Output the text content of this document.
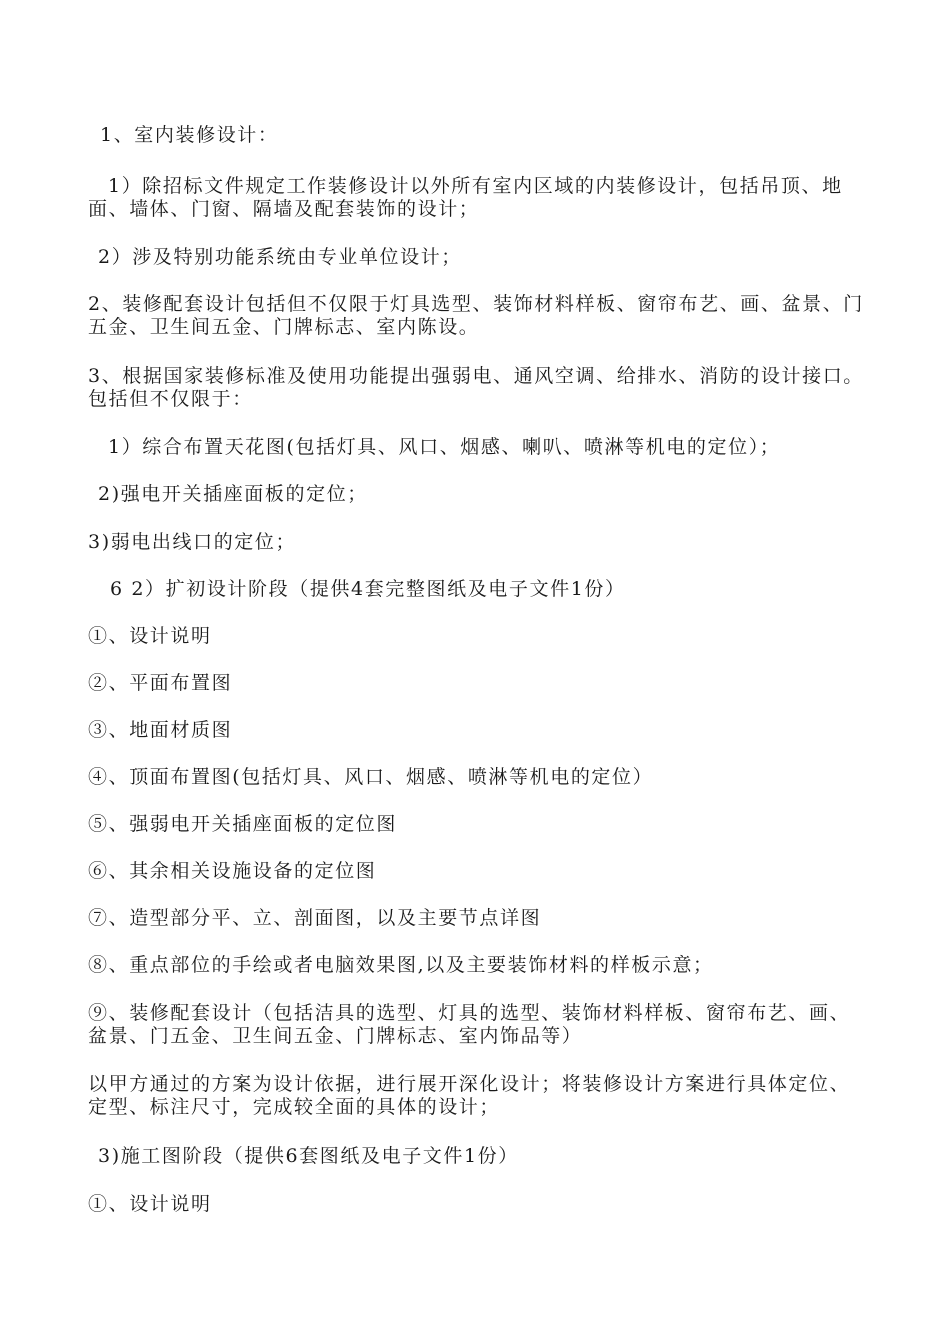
1、室内装修设计：
1）除招标文件规定工作装修设计以外所有室内区域的内装修设计，包括吊顶、地面、墙体、门窗、隔墙及配套装饰的设计；
2）涉及特别功能系统由专业单位设计；
2、装修配套设计包括但不仅限于灯具选型、装饰材料样板、窗帘布艺、画、盆景、门五金、卫生间五金、门牌标志、室内陈设。
3、根据国家装修标准及使用功能提出强弱电、通风空调、给排水、消防的设计接口。包括但不仅限于：
1）综合布置天花图(包括灯具、风口、烟感、喇叭、喷淋等机电的定位）；
2)强电开关插座面板的定位；
3)弱电出线口的定位；
6 2）扩初设计阶段（提供4套完整图纸及电子文件1份）
①、设计说明
②、平面布置图
③、地面材质图
④、顶面布置图(包括灯具、风口、烟感、喷淋等机电的定位）
⑤、强弱电开关插座面板的定位图
⑥、其余相关设施设备的定位图
⑦、造型部分平、立、剖面图，以及主要节点详图
⑧、重点部位的手绘或者电脑效果图,以及主要装饰材料的样板示意；
⑨、装修配套设计（包括洁具的选型、灯具的选型、装饰材料样板、窗帘布艺、画、盆景、门五金、卫生间五金、门牌标志、室内饰品等）
以甲方通过的方案为设计依据，进行展开深化设计；将装修设计方案进行具体定位、定型、标注尺寸，完成较全面的具体的设计；
3)施工图阶段（提供6套图纸及电子文件1份）
①、设计说明
